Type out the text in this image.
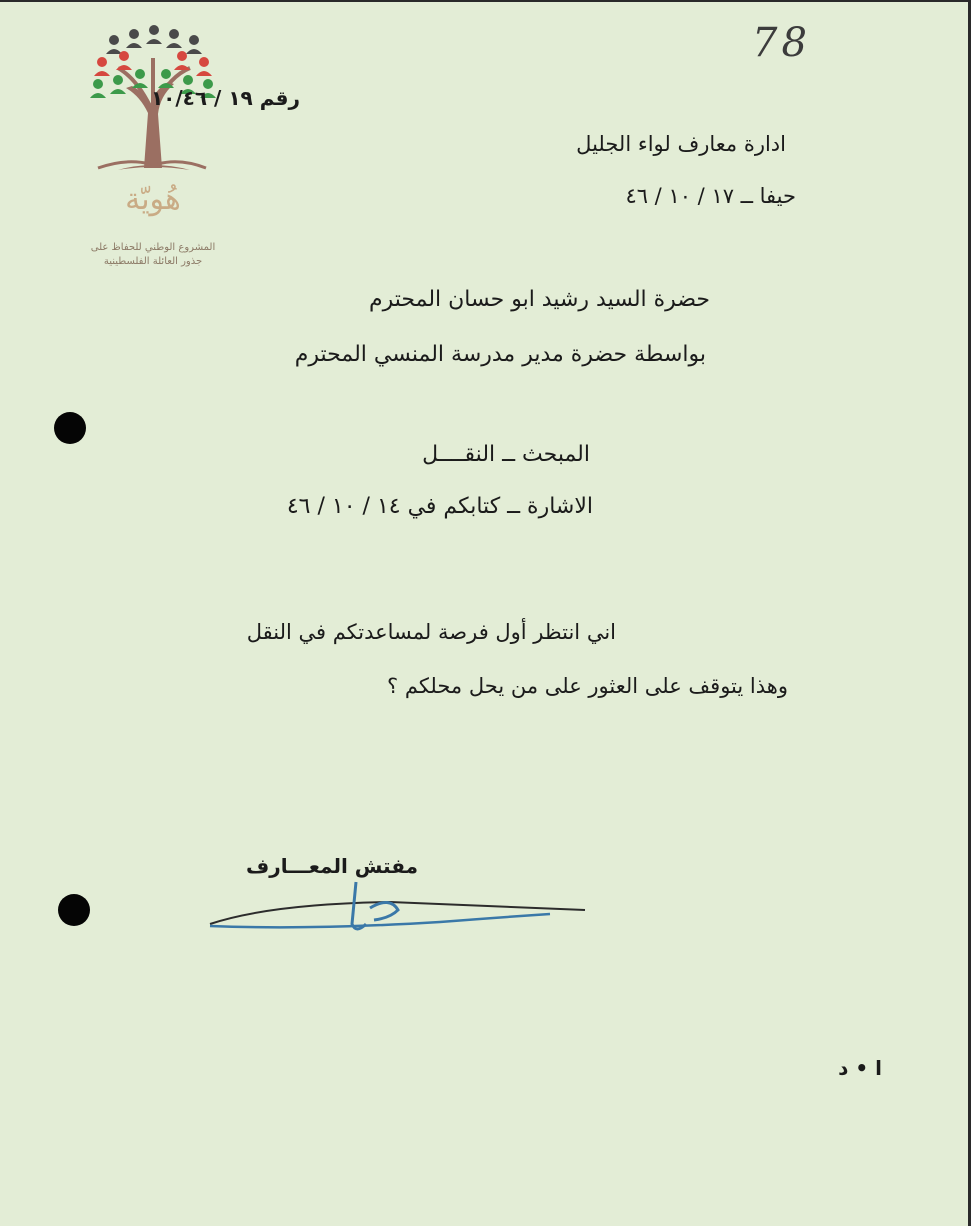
هُويّة
المشروع الوطني للحفاظ على
جذور العائلة الفلسطينية
78
رقم ١٩ / ١٠/٤٦
ادارة معارف لواء الجليل
حيفا ــ ١٧ / ١٠ / ٤٦
حضرة السيد رشيد ابو حسان المحترم
بواسطة حضرة مدير مدرسة المنسي المحترم
المبحث ــ النقــــل
الاشارة ــ كتابكم في ١٤ / ١٠ / ٤٦
اني انتظر أول فرصة لمساعدتكم في النقل
وهذا يتوقف على العثور على من يحل محلكم ؟
مفتش المعـــارف
ا • د
